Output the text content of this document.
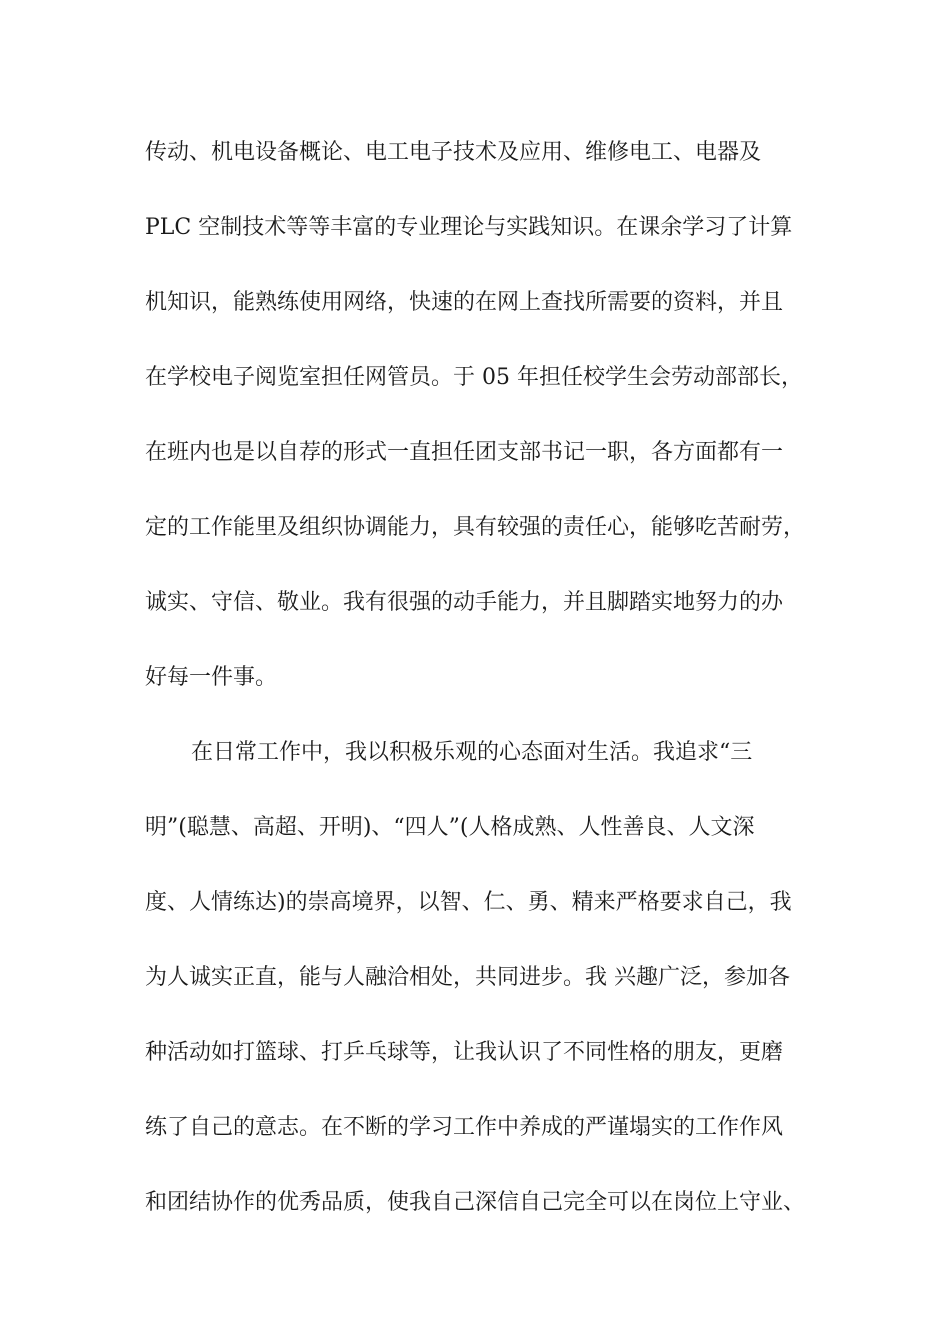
传动、机电设备概论、电工电子技术及应用、维修电工、电器及
PLC 空制技术等等丰富的专业理论与实践知识。在课余学习了计算
机知识，能熟练使用网络，快速的在网上查找所需要的资料，并且
在学校电子阅览室担任网管员。于 05 年担任校学生会劳动部部长，
在班内也是以自荐的形式一直担任团支部书记一职，各方面都有一
定的工作能里及组织协调能力，具有较强的责任心，能够吃苦耐劳，
诚实、守信、敬业。我有很强的动手能力，并且脚踏实地努力的办
好每一件事。
在日常工作中，我以积极乐观的心态面对生活。我追求“三
明”(聪慧、高超、开明)、“四人”(人格成熟、人性善良、人文深
度、人情练达)的崇高境界，以智、仁、勇、精来严格要求自己，我
为人诚实正直，能与人融洽相处，共同进步。我 兴趣广泛，参加各
种活动如打篮球、打乒乓球等，让我认识了不同性格的朋友，更磨
练了自己的意志。在不断的学习工作中养成的严谨塌实的工作作风
和团结协作的优秀品质，使我自己深信自己完全可以在岗位上守业、
